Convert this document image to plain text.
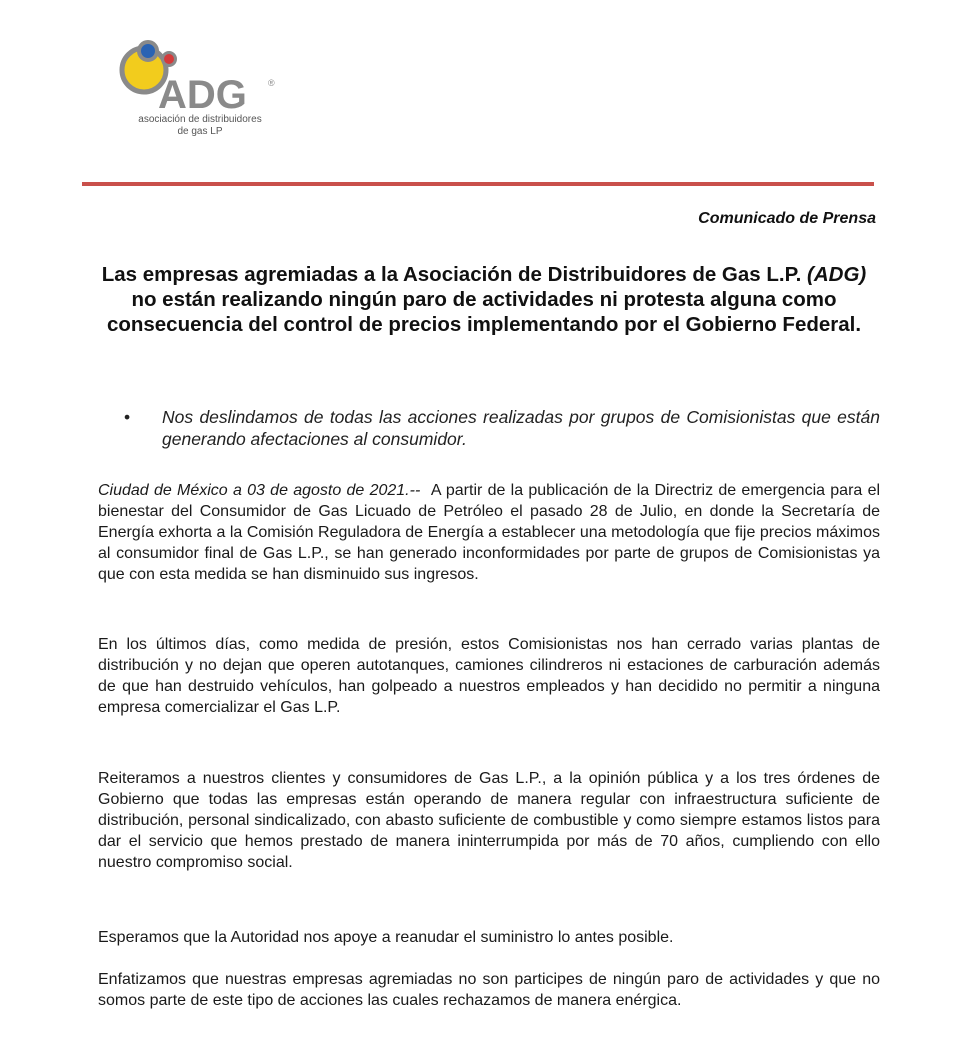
ADG ®
asociación de distribuidores
de gas LP
Comunicado de Prensa
Las empresas agremiadas a la Asociación de Distribuidores de Gas L.P. (ADG) no están realizando ningún paro de actividades ni protesta alguna como consecuencia del control de precios implementando por el Gobierno Federal.
•	Nos deslindamos de todas las acciones realizadas por grupos de Comisionistas que están generando afectaciones al consumidor.
Ciudad de México a 03 de agosto de 2021.-- A partir de la publicación de la Directriz de emergencia para el bienestar del Consumidor de Gas Licuado de Petróleo el pasado 28 de Julio, en donde la Secretaría de Energía exhorta a la Comisión Reguladora de Energía a establecer una metodología que fije precios máximos al consumidor final de Gas L.P., se han generado inconformidades por parte de grupos de Comisionistas ya que con esta medida se han disminuido sus ingresos.
En los últimos días, como medida de presión, estos Comisionistas nos han cerrado varias plantas de distribución y no dejan que operen autotanques, camiones cilindreros ni estaciones de carburación además de que han destruido vehículos, han golpeado a nuestros empleados y han decidido no permitir a ninguna empresa comercializar el Gas L.P.
Reiteramos a nuestros clientes y consumidores de Gas L.P., a la opinión pública y a los tres órdenes de Gobierno que todas las empresas están operando de manera regular con infraestructura suficiente de distribución, personal sindicalizado, con abasto suficiente de combustible y como siempre estamos listos para dar el servicio que hemos prestado de manera ininterrumpida por más de 70 años, cumpliendo con ello nuestro compromiso social.
Esperamos que la Autoridad nos apoye a reanudar el suministro lo antes posible.
Enfatizamos que nuestras empresas agremiadas no son participes de ningún paro de actividades y que no somos parte de este tipo de acciones las cuales rechazamos de manera enérgica.
